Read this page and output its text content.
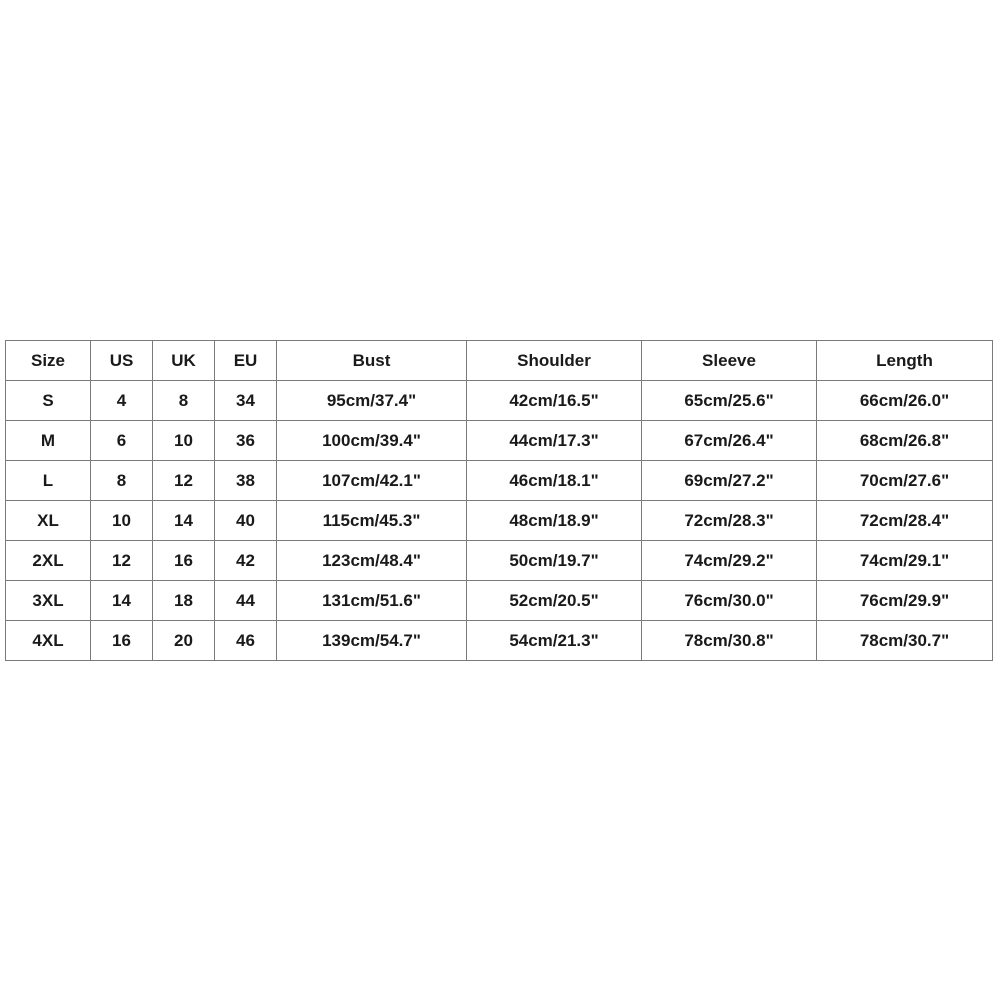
Size	US	UK	EU	Bust	Shoulder	Sleeve	Length
S	4	8	34	95cm/37.4"	42cm/16.5"	65cm/25.6"	66cm/26.0"
M	6	10	36	100cm/39.4"	44cm/17.3"	67cm/26.4"	68cm/26.8"
L	8	12	38	107cm/42.1"	46cm/18.1"	69cm/27.2"	70cm/27.6"
XL	10	14	40	115cm/45.3"	48cm/18.9"	72cm/28.3"	72cm/28.4"
2XL	12	16	42	123cm/48.4"	50cm/19.7"	74cm/29.2"	74cm/29.1"
3XL	14	18	44	131cm/51.6"	52cm/20.5"	76cm/30.0"	76cm/29.9"
4XL	16	20	46	139cm/54.7"	54cm/21.3"	78cm/30.8"	78cm/30.7"
